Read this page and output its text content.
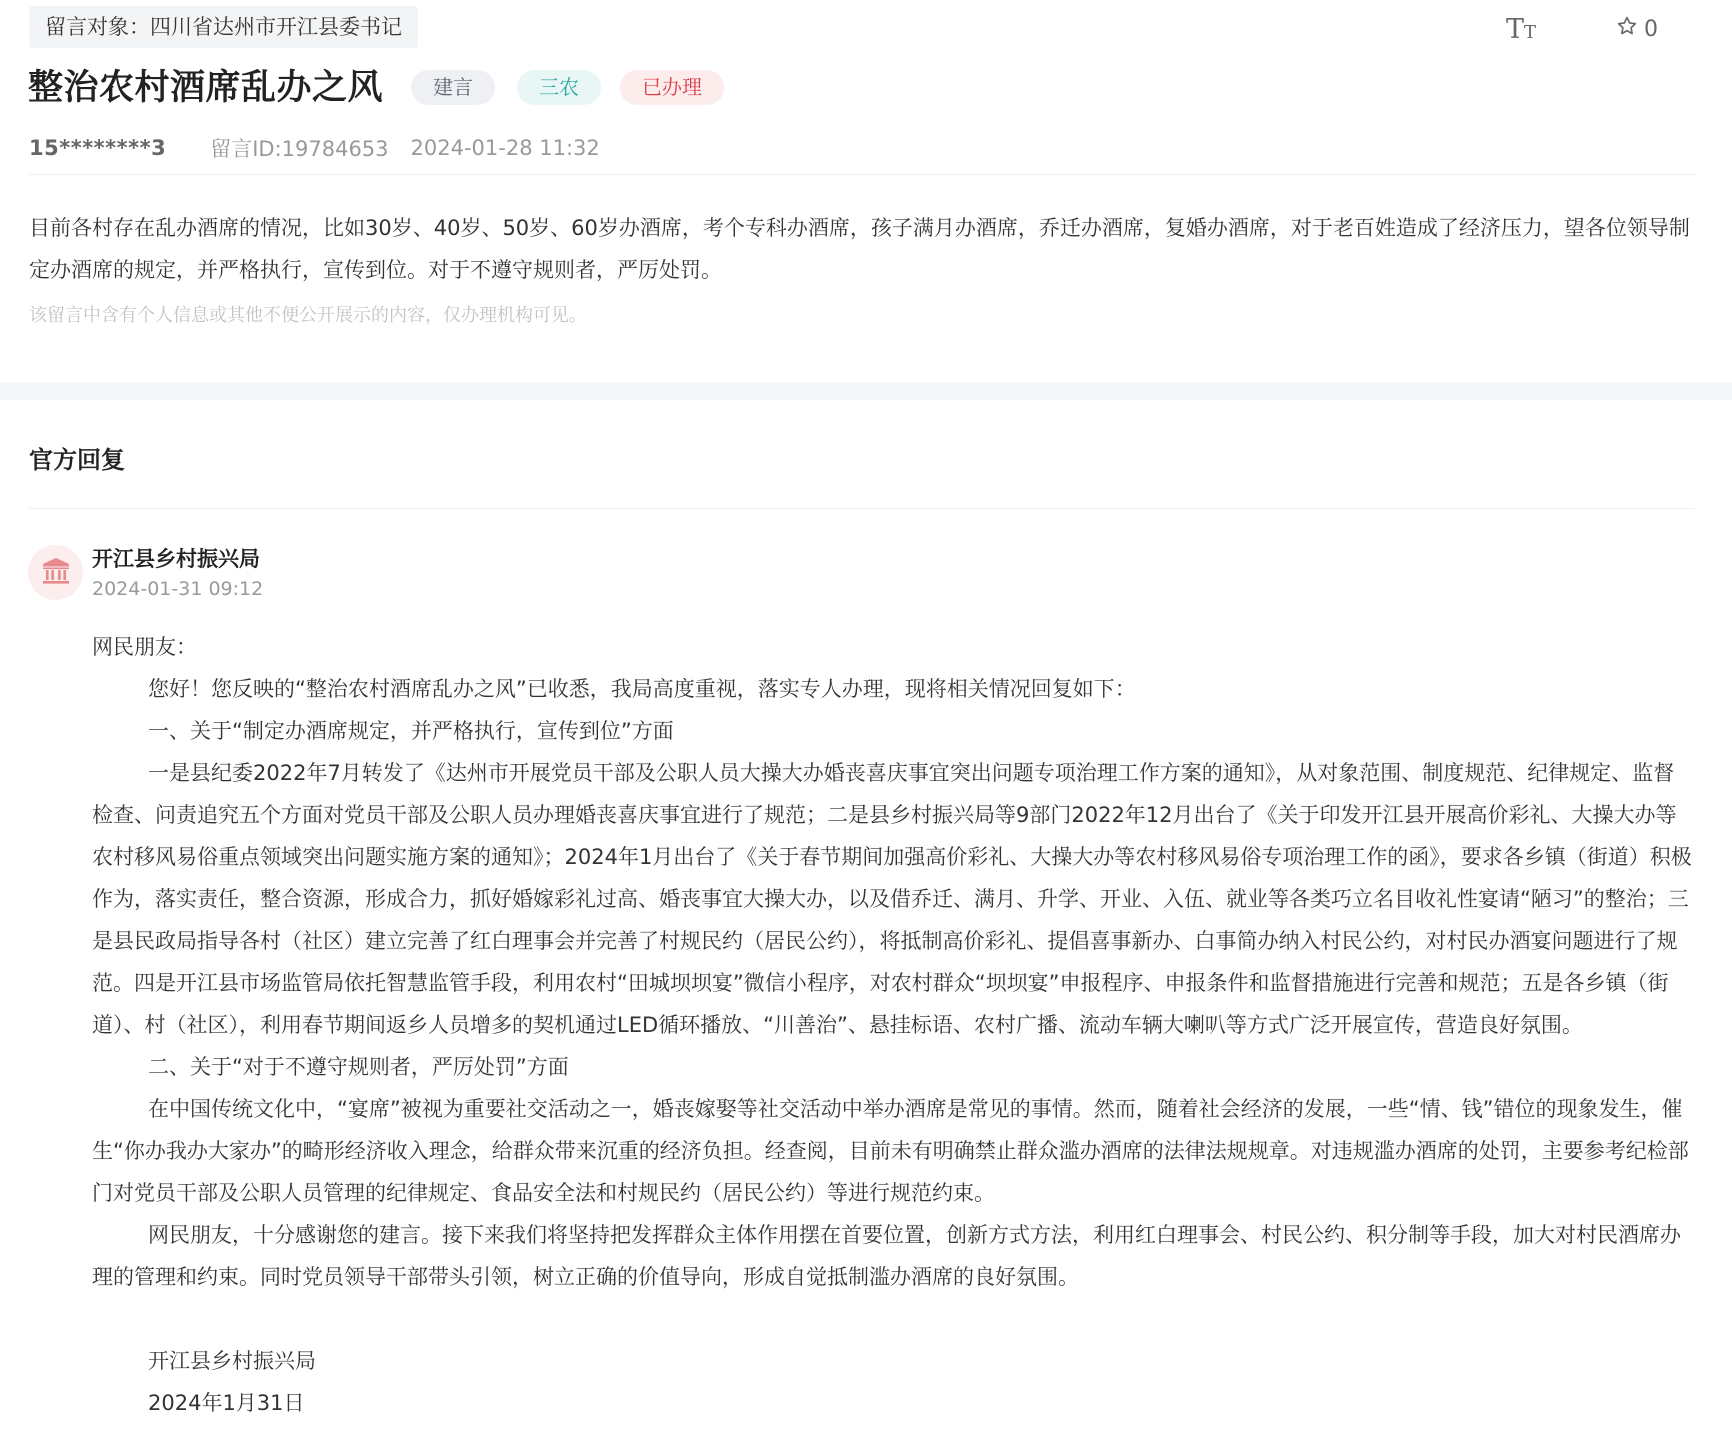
留言对象：四川省达州市开江县委书记	T T	0
整治农村酒席乱办之风	建言	三农	已办理
15********3 留言ID:19784653 2024-01-28 11:32

目前各村存在乱办酒席的情况，比如30岁、40岁、50岁、60岁办酒席，考个专科办酒席，孩子满月办酒席，乔迁办酒席，复婚办酒席，对于老百姓造成了经济压力，望各位领导制定办酒席的规定，并严格执行，宣传到位。对于不遵守规则者，严厉处罚。

该留言中含有个人信息或其他不便公开展示的内容，仅办理机构可见。

官方回复
开江县乡村振兴局
2024-01-31 09:12

网民朋友：

您好！您反映的“整治农村酒席乱办之风”已收悉，我局高度重视，落实专人办理，现将相关情况回复如下：

一、关于“制定办酒席规定，并严格执行，宣传到位”方面

一是县纪委2022年7月转发了《达州市开展党员干部及公职人员大操大办婚丧喜庆事宜突出问题专项治理工作方案的通知》，从对象范围、制度规范、纪律规定、监督检查、问责追究五个方面对党员干部及公职人员办理婚丧喜庆事宜进行了规范；二是县乡村振兴局等9部门2022年12月出台了《关于印发开江县开展高价彩礼、大操大办等农村移风易俗重点领域突出问题实施方案的通知》；2024年1月出台了《关于春节期间加强高价彩礼、大操大办等农村移风易俗专项治理工作的函》，要求各乡镇（街道）积极作为，落实责任，整合资源，形成合力，抓好婚嫁彩礼过高、婚丧事宜大操大办，以及借乔迁、满月、升学、开业、入伍、就业等各类巧立名目收礼性宴请“陋习”的整治；三是县民政局指导各村（社区）建立完善了红白理事会并完善了村规民约（居民公约），将抵制高价彩礼、提倡喜事新办、白事简办纳入村民公约，对村民办酒宴问题进行了规范。四是开江县市场监管局依托智慧监管手段，利用农村“田城坝坝宴”微信小程序，对农村群众“坝坝宴”申报程序、申报条件和监督措施进行完善和规范；五是各乡镇（街道）、村（社区），利用春节期间返乡人员增多的契机通过LED循环播放、“川善治”、悬挂标语、农村广播、流动车辆大喇叭等方式广泛开展宣传，营造良好氛围。

二、关于“对于不遵守规则者，严厉处罚”方面

在中国传统文化中，“宴席”被视为重要社交活动之一，婚丧嫁娶等社交活动中举办酒席是常见的事情。然而，随着社会经济的发展，一些“情、钱”错位的现象发生，催生“你办我办大家办”的畸形经济收入理念，给群众带来沉重的经济负担。经查阅，目前未有明确禁止群众滥办酒席的法律法规规章。对违规滥办酒席的处罚，主要参考纪检部门对党员干部及公职人员管理的纪律规定、食品安全法和村规民约（居民公约）等进行规范约束。

网民朋友，十分感谢您的建言。接下来我们将坚持把发挥群众主体作用摆在首要位置，创新方式方法，利用红白理事会、村民公约、积分制等手段，加大对村民酒席办理的管理和约束。同时党员领导干部带头引领，树立正确的价值导向，形成自觉抵制滥办酒席的良好氛围。

开江县乡村振兴局

2024年1月31日
